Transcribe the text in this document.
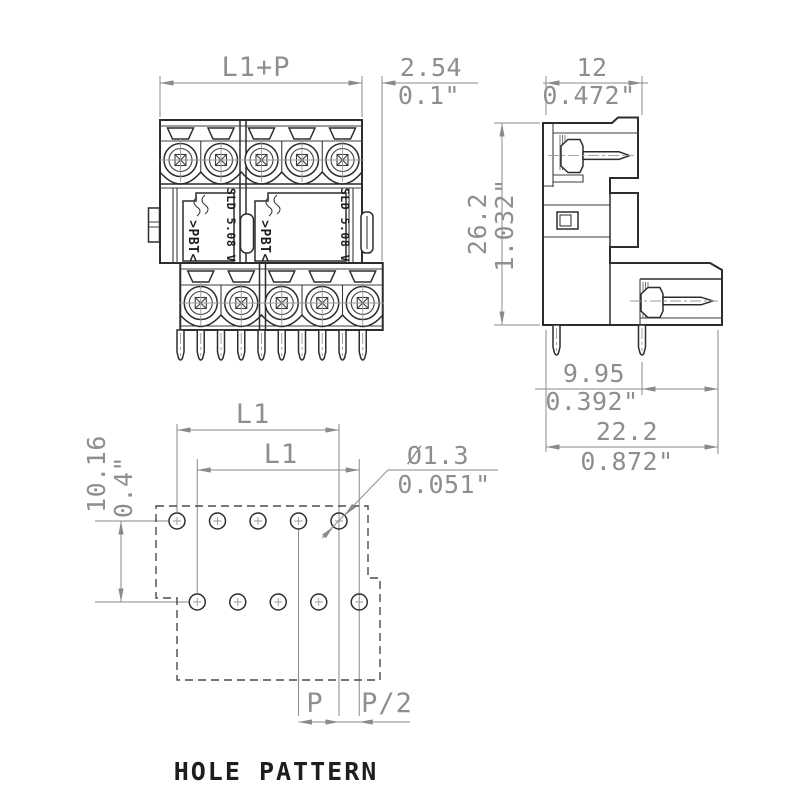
SLD 5.08 V	SLD 5.08 V
>PBT<	>PBT<
L1+P	2.54
0.1"
12
0.472"
26.2
1.032"
9.95
0.392"
22.2
0.872"
L1
L1
10.16
0.4"
P P/2
Ø1.3
0.051"
HOLE PATTERN
